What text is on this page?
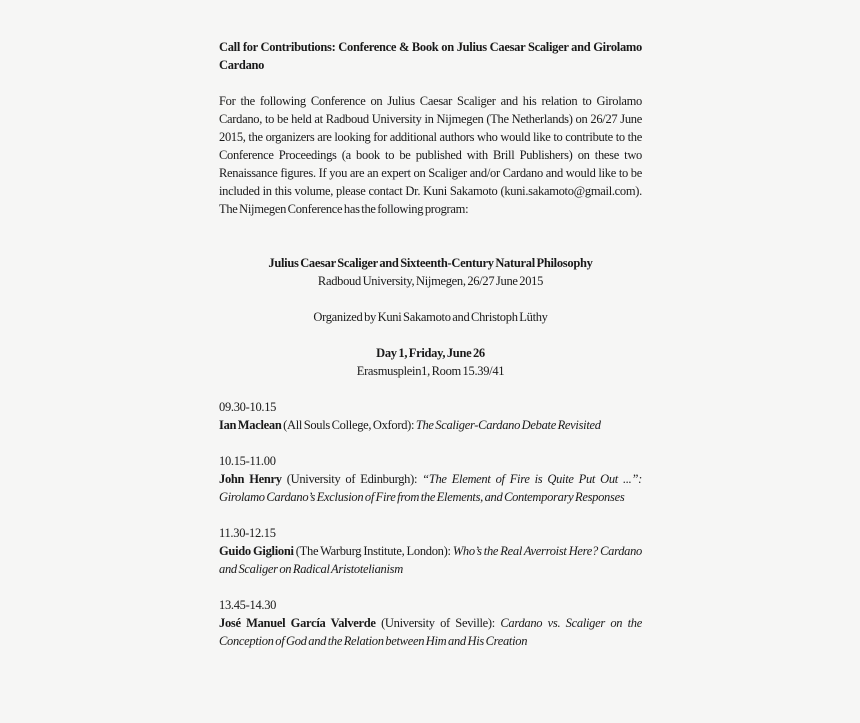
Call for Contributions: Conference & Book on Julius Caesar Scaliger and Girolamo Cardano

For the following Conference on Julius Caesar Scaliger and his relation to Girolamo Cardano, to be held at Radboud University in Nijmegen (The Netherlands) on 26/27 June 2015, the organizers are looking for additional authors who would like to contribute to the Conference Proceedings (a book to be published with Brill Publishers) on these two Renaissance figures. If you are an expert on Scaliger and/or Cardano and would like to be included in this volume, please contact Dr. Kuni Sakamoto (kuni.sakamoto@gmail.com). The Nijmegen Conference has the following program:

Julius Caesar Scaliger and Sixteenth-Century Natural Philosophy

Radboud University, Nijmegen, 26/27 June 2015

Organized by Kuni Sakamoto and Christoph Lüthy

Day 1, Friday, June 26

Erasmusplein1, Room 15.39/41

09.30-10.15

Ian Maclean (All Souls College, Oxford): The Scaliger-Cardano Debate Revisited

10.15-11.00

John Henry (University of Edinburgh): “The Element of Fire is Quite Put Out ...”: Girolamo Cardano’s Exclusion of Fire from the Elements, and Contemporary Responses

11.30-12.15

Guido Giglioni (The Warburg Institute, London): Who’s the Real Averroist Here? Cardano and Scaliger on Radical Aristotelianism

13.45-14.30

José Manuel García Valverde (University of Seville): Cardano vs. Scaliger on the Conception of God and the Relation between Him and His Creation
